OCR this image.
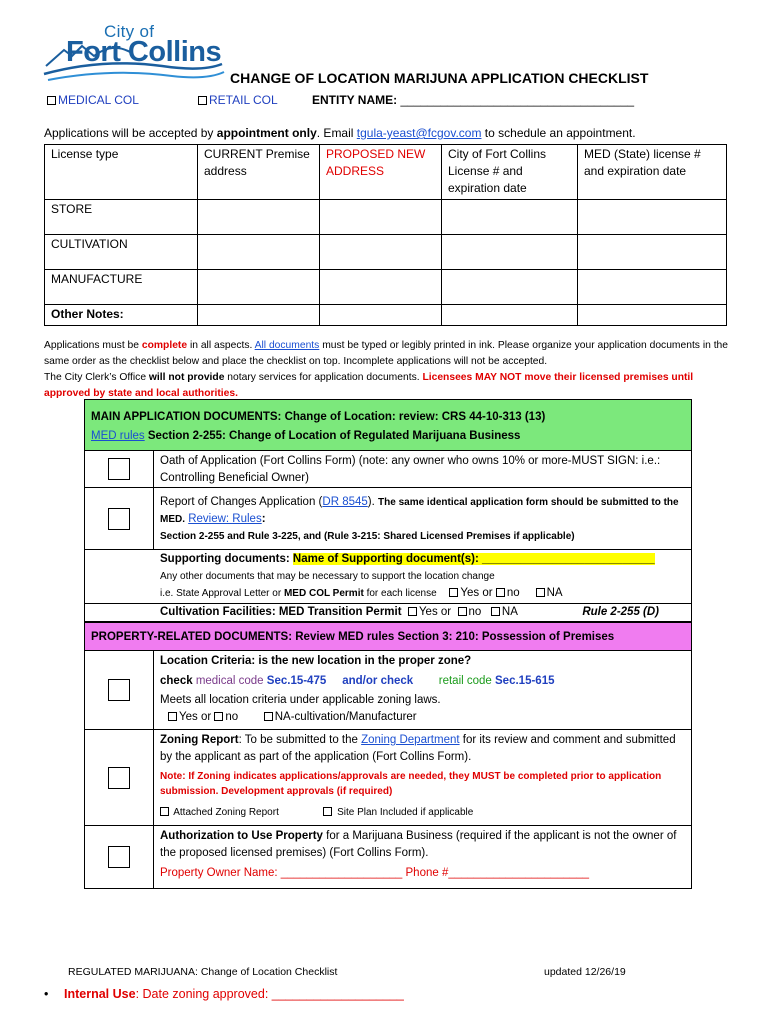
City of
Fort Collins
CHANGE OF LOCATION MARIJUNA APPLICATION CHECKLIST
MEDICAL COL	RETAIL COL	ENTITY NAME: ___________________________________
Applications will be accepted by appointment only. Email tgula-yeast@fcgov.com to schedule an appointment.
License type	CURRENT Premise address	PROPOSED NEW ADDRESS	City of Fort Collins License # and expiration date	MED (State) license # and expiration date
STORE				
CULTIVATION				
MANUFACTURE				
Other Notes:				
Applications must be complete in all aspects. All documents must be typed or legibly printed in ink. Please organize your application documents in the same order as the checklist below and place the checklist on top. Incomplete applications will not be accepted.
The City Clerk’s Office will not provide notary services for application documents. Licensees MAY NOT move their licensed premises until approved by state and local authorities.
MAIN APPLICATION DOCUMENTS: Change of Location: review: CRS 44-10-313 (13)
MED rules Section 2-255: Change of Location of Regulated Marijuana Business
Oath of Application (Fort Collins Form) (note: any owner who owns 10% or more-MUST SIGN: i.e.: Controlling Beneficial Owner)
Report of Changes Application (DR 8545). The same identical application form should be submitted to the MED. Review: Rules:
Section 2-255 and Rule 3-225, and (Rule 3-215: Shared Licensed Premises if applicable)
Supporting documents: Name of Supporting document(s): ___________________________
Any other documents that may be necessary to support the location change
i.e. State Approval Letter or MED COL Permit for each license Yes or no NA
Cultivation Facilities: MED Transition Permit Yes or no NA	Rule 2-255 (D)
PROPERTY-RELATED DOCUMENTS: Review MED rules Section 3: 210: Possession of Premises
Location Criteria: is the new location in the proper zone?

check medical code Sec.15-475 and/or check retail code Sec.15-615
Meets all location criteria under applicable zoning laws.
Yes or no	NA-cultivation/Manufacturer
Zoning Report: To be submitted to the Zoning Department for its review and comment and submitted by the applicant as part of the application (Fort Collins Form).
Note: If Zoning indicates applications/approvals are needed, they MUST be completed prior to application submission. Development approvals (if required)
Attached Zoning Report	Site Plan Included if applicable
Authorization to Use Property for a Marijuana Business (required if the applicant is not the owner of the proposed licensed premises) (Fort Collins Form).
Property Owner Name: ___________________ Phone #______________________
REGULATED MARIJUANA: Change of Location Checklist	updated 12/26/19
• Internal Use: Date zoning approved: ___________________
